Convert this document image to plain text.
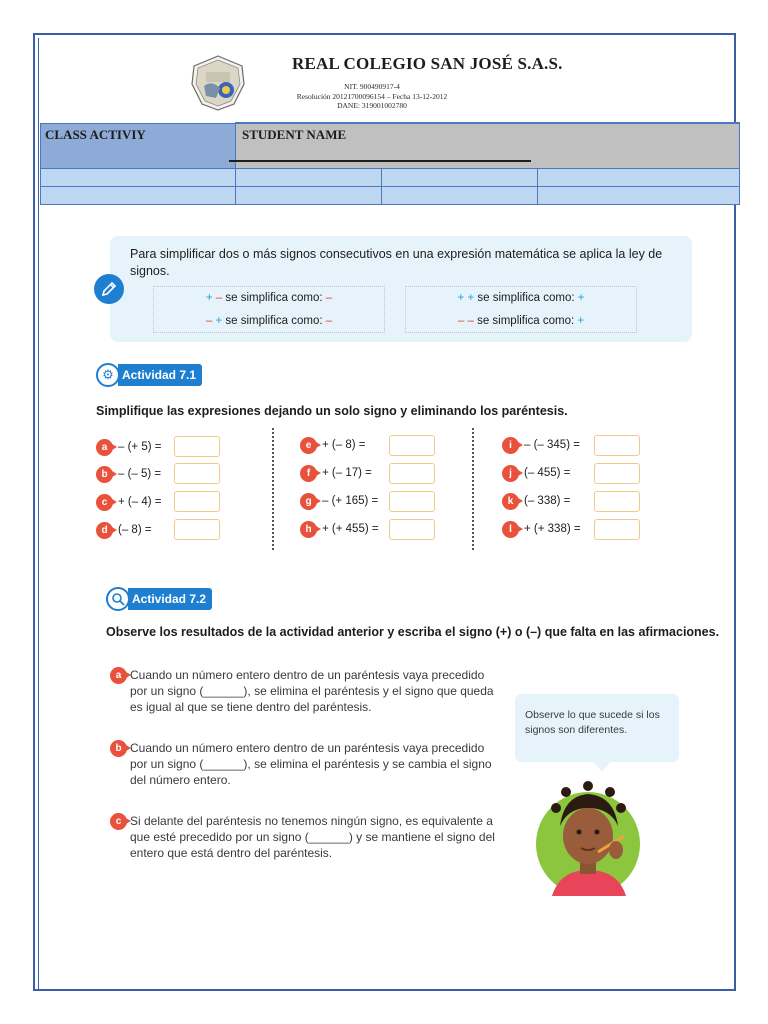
REAL COLEGIO SAN JOSÉ S.A.S.
NIT. 900490917-4
Resolución 20121700096154 – Fecha 13-12-2012
DANE: 319001002780
CLASS ACTIVIY	STUDENT NAME		

Para simplificar dos o más signos consecutivos en una expresión matemática se aplica la ley de signos.
+ – se simplifica como: –	+ + se simplifica como: +
– + se simplifica como: –	– – se simplifica como: +
⚙ Actividad 7.1
Simplifique las expresiones dejando un solo signo y eliminando los paréntesis.
a – (+ 5) =
b – (– 5) =
c + (– 4) =
d (– 8) =
e + (– 8) =
f	+ (– 17) =
g – (+ 165) =
h + (+ 455) =
i	– (– 345) =
j	(– 455) =
k (– 338) =
l	+ (+ 338) =
Actividad 7.2
Observe los resultados de la actividad anterior y escriba el signo (+) o (–) que falta en las afirmaciones.
a Cuando un número entero dentro de un paréntesis vaya precedido por un signo (______), se elimina el paréntesis y el signo que queda es igual al que se tiene dentro del paréntesis.
b Cuando un número entero dentro de un paréntesis vaya precedido por un signo (______), se elimina el paréntesis y se cambia el signo del número entero.
c Si delante del paréntesis no tenemos ningún signo, es equivalente a que esté precedido por un signo (______) y se mantiene el signo del entero que está dentro del paréntesis.
Observe lo que sucede si los signos son diferentes.
